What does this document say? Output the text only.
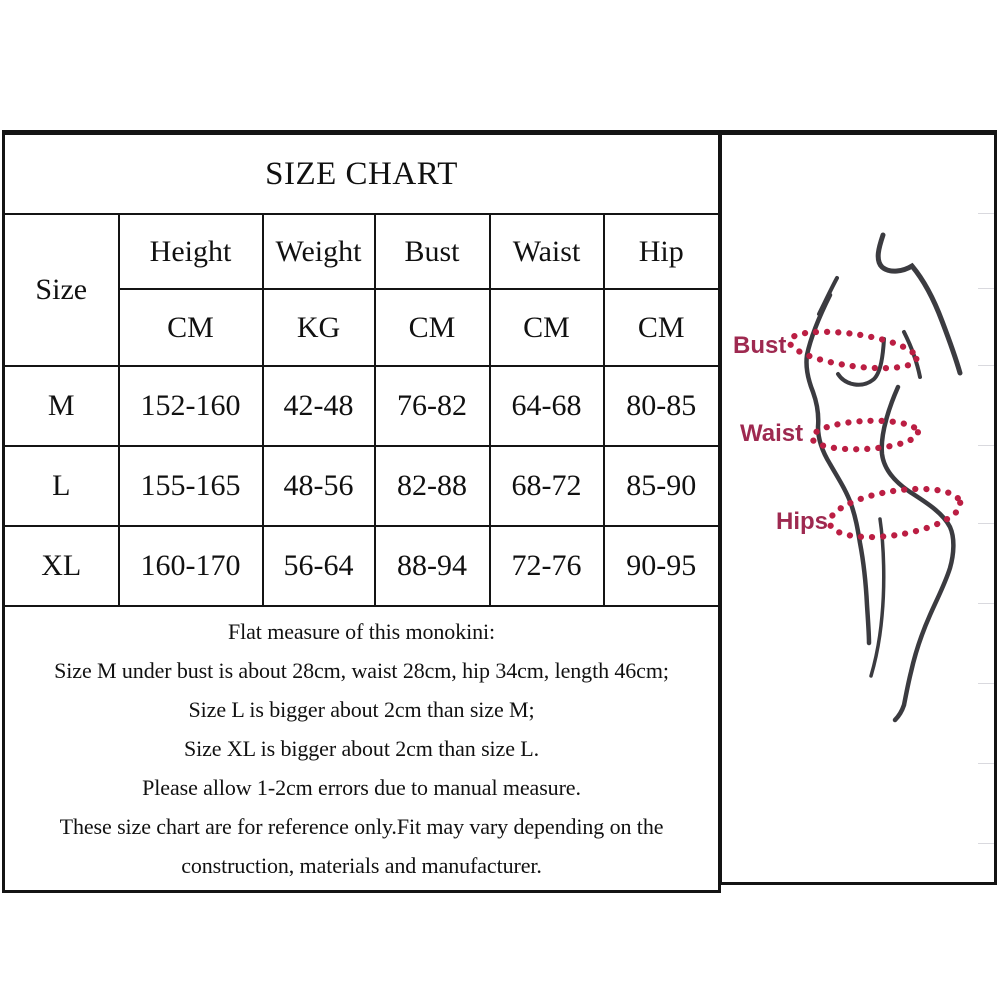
SIZE CHART					
Size	Height	Weight	Bust	Waist	Hip
	CM	KG	CM	CM	CM
M	152-160	42-48	76-82	64-68	80-85
L	155-165	48-56	82-88	68-72	85-90
XL	160-170	56-64	88-94	72-76	90-95

Flat measure of this monokini:
Size M under bust is about 28cm, waist 28cm, hip 34cm, length 46cm;
Size L is bigger about 2cm than size M;
Size XL is bigger about 2cm than size L.
Please allow 1-2cm errors due to manual measure.
These size chart are for reference only.Fit may vary depending on the
construction, materials and manufacturer.
Bust
Waist
Hips
